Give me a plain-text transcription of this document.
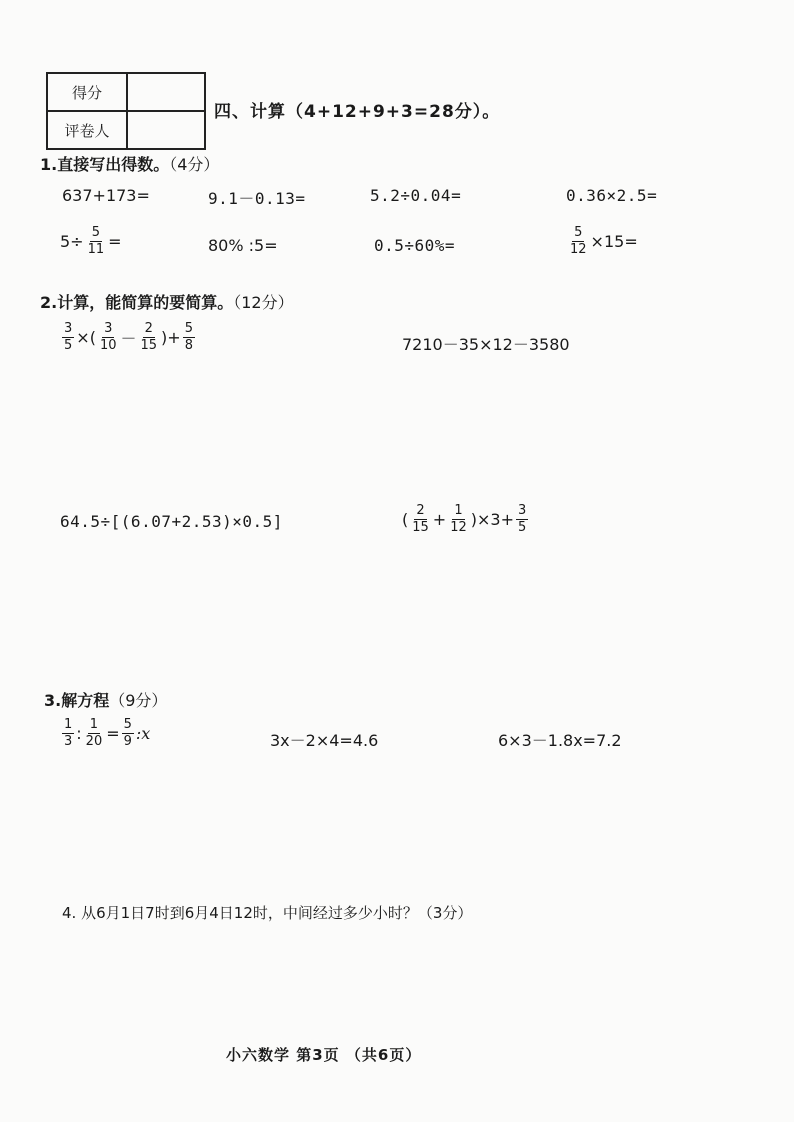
得分	
评卷人	
四、计算（4+12+9+3=28分）。
1.直接写出得数。（4分）
637+173=	9.1－0.13=	5.2÷0.04=	0.36×2.5=
$5\div \frac{5}{11}$ =	80% :5=	0.5÷60%=	$\frac{5}{12} \times 15=$
2.计算，能简算的要简算。（12分）
$\frac{3}{5}$ ×( $\frac{3}{10} - \frac{2}{15}$ )+ $\frac{5}{8}$	7210－35×12－3580
64.5÷[(6.07+2.53)×0.5]	( $\frac{2}{15} + \frac{1}{12} )\times 3+ \frac{3}{5}$
3.解方程（9分）
$\frac{1}{3}$ : $\frac{1}{20} = \frac{5}{9}$ :x	3x－2×4=4.6	6×3－1.8x=7.2
4. 从6月1日7时到6月4日12时，中间经过多少小时？（3分）
小六数学 第3页 （共6页）
